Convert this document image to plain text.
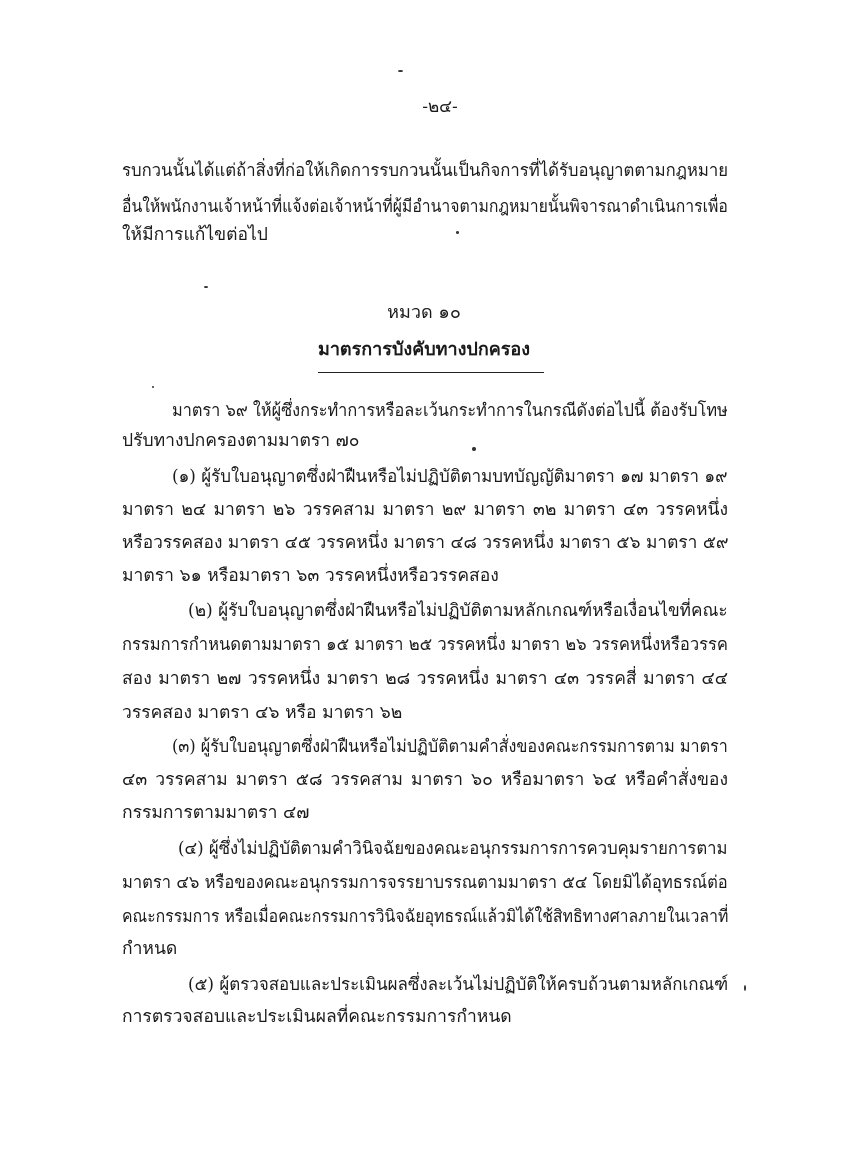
-๒๔-
รบกวนนั้นได้แต่ถ้าสิ่งที่ก่อให้เกิดการรบกวนนั้นเป็นกิจการที่ได้รับอนุญาตตามกฎหมาย
อื่นให้พนักงานเจ้าหน้าที่แจ้งต่อเจ้าหน้าที่ผู้มีอำนาจตามกฎหมายนั้นพิจารณาดำเนินการเพื่อ
ให้มีการแก้ไขต่อไป
หมวด ๑๐
มาตรการบังคับทางปกครอง
มาตรา ๖๙ ให้ผู้ซึ่งกระทำการหรือละเว้นกระทำการในกรณีดังต่อไปนี้ ต้องรับโทษ
ปรับทางปกครองตามมาตรา ๗๐
(๑) ผู้รับใบอนุญาตซึ่งฝ่าฝืนหรือไม่ปฏิบัติตามบทบัญญัติมาตรา ๑๗ มาตรา ๑๙
มาตรา ๒๔ มาตรา ๒๖ วรรคสาม มาตรา ๒๙ มาตรา ๓๒ มาตรา ๔๓ วรรคหนึ่ง
หรือวรรคสอง มาตรา ๔๕ วรรคหนึ่ง มาตรา ๔๘ วรรคหนึ่ง มาตรา ๕๖ มาตรา ๕๙
มาตรา ๖๑ หรือมาตรา ๖๓ วรรคหนึ่งหรือวรรคสอง
(๒) ผู้รับใบอนุญาตซึ่งฝ่าฝืนหรือไม่ปฏิบัติตามหลักเกณฑ์หรือเงื่อนไขที่คณะ
กรรมการกำหนดตามมาตรา ๑๕ มาตรา ๒๕ วรรคหนึ่ง มาตรา ๒๖ วรรคหนึ่งหรือวรรค
สอง มาตรา ๒๗ วรรคหนึ่ง มาตรา ๒๘ วรรคหนึ่ง มาตรา ๔๓ วรรคสี่ มาตรา ๔๔
วรรคสอง มาตรา ๔๖ หรือ มาตรา ๖๒
(๓) ผู้รับใบอนุญาตซึ่งฝ่าฝืนหรือไม่ปฏิบัติตามคำสั่งของคณะกรรมการตาม มาตรา
๔๓ วรรคสาม มาตรา ๕๘ วรรคสาม มาตรา ๖๐ หรือมาตรา ๖๔ หรือคำสั่งของ
กรรมการตามมาตรา ๔๗
(๔) ผู้ซึ่งไม่ปฏิบัติตามคำวินิจฉัยของคณะอนุกรรมการการควบคุมรายการตาม
มาตรา ๔๖ หรือของคณะอนุกรรมการจรรยาบรรณตามมาตรา ๕๔ โดยมิได้อุทธรณ์ต่อ
คณะกรรมการ หรือเมื่อคณะกรรมการวินิจฉัยอุทธรณ์แล้วมิได้ใช้สิทธิทางศาลภายในเวลาที่
กำหนด
(๕) ผู้ตรวจสอบและประเมินผลซึ่งละเว้นไม่ปฏิบัติให้ครบถ้วนตามหลักเกณฑ์
การตรวจสอบและประเมินผลที่คณะกรรมการกำหนด
